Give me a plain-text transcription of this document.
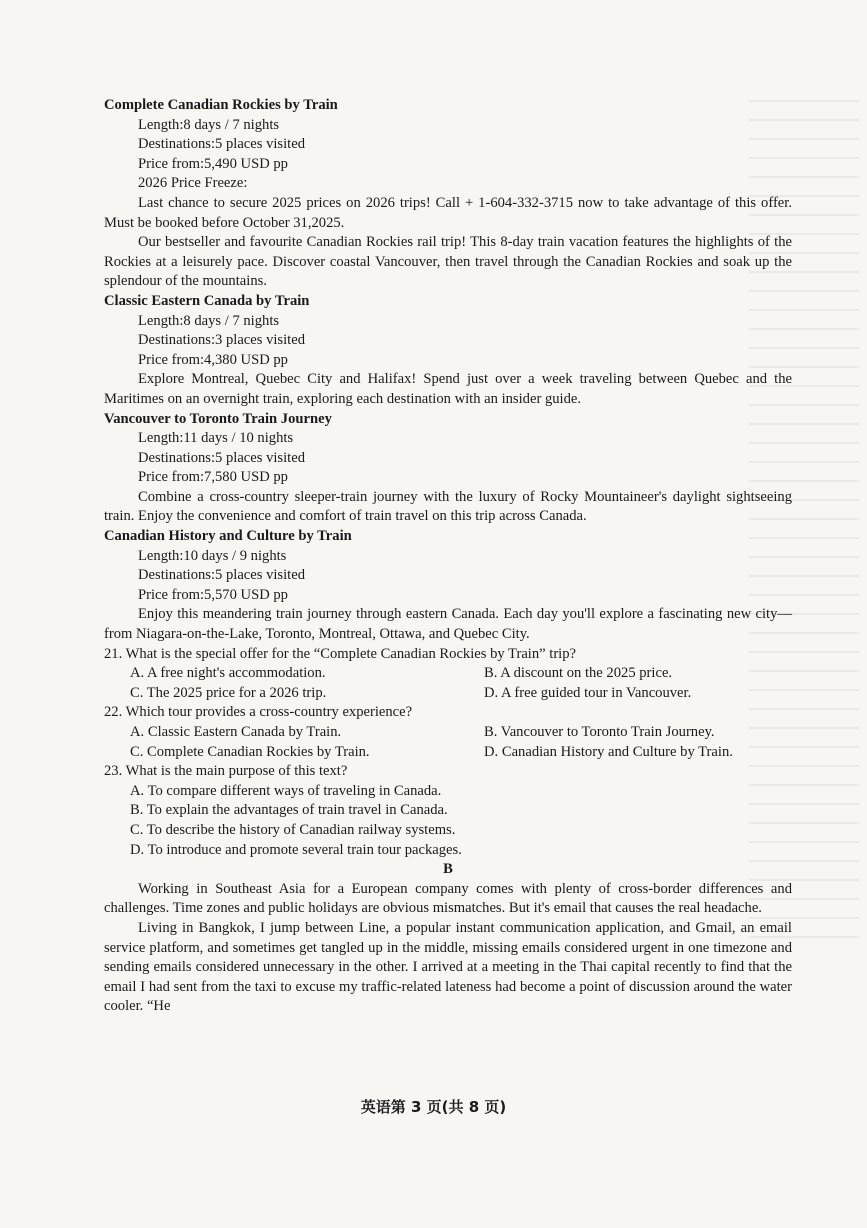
Complete Canadian Rockies by Train
Length:8 days / 7 nights
Destinations:5 places visited
Price from:5,490 USD pp
2026 Price Freeze:
Last chance to secure 2025 prices on 2026 trips! Call + 1-604-332-3715 now to take advantage of this offer. Must be booked before October 31,2025.
Our bestseller and favourite Canadian Rockies rail trip! This 8-day train vacation features the highlights of the Rockies at a leisurely pace. Discover coastal Vancouver, then travel through the Canadian Rockies and soak up the splendour of the mountains.
Classic Eastern Canada by Train
Length:8 days / 7 nights
Destinations:3 places visited
Price from:4,380 USD pp
Explore Montreal, Quebec City and Halifax! Spend just over a week traveling between Quebec and the Maritimes on an overnight train, exploring each destination with an insider guide.
Vancouver to Toronto Train Journey
Length:11 days / 10 nights
Destinations:5 places visited
Price from:7,580 USD pp
Combine a cross-country sleeper-train journey with the luxury of Rocky Mountaineer's daylight sightseeing train. Enjoy the convenience and comfort of train travel on this trip across Canada.
Canadian History and Culture by Train
Length:10 days / 9 nights
Destinations:5 places visited
Price from:5,570 USD pp
Enjoy this meandering train journey through eastern Canada. Each day you'll explore a fascinating new city—from Niagara-on-the-Lake, Toronto, Montreal, Ottawa, and Quebec City.
21. What is the special offer for the “Complete Canadian Rockies by Train” trip?
A. A free night's accommodation.	B. A discount on the 2025 price.
C. The 2025 price for a 2026 trip.	D. A free guided tour in Vancouver.
22. Which tour provides a cross-country experience?
A. Classic Eastern Canada by Train.	B. Vancouver to Toronto Train Journey.
C. Complete Canadian Rockies by Train.	D. Canadian History and Culture by Train.
23. What is the main purpose of this text?
A. To compare different ways of traveling in Canada.
B. To explain the advantages of train travel in Canada.
C. To describe the history of Canadian railway systems.
D. To introduce and promote several train tour packages.
B
Working in Southeast Asia for a European company comes with plenty of cross-border differences and challenges. Time zones and public holidays are obvious mismatches. But it's email that causes the real headache.
Living in Bangkok, I jump between Line, a popular instant communication application, and Gmail, an email service platform, and sometimes get tangled up in the middle, missing emails considered urgent in one timezone and sending emails considered unnecessary in the other. I arrived at a meeting in the Thai capital recently to find that the email I had sent from the taxi to excuse my traffic-related lateness had become a point of discussion around the water cooler. “He
英语第 3 页(共 8 页)
